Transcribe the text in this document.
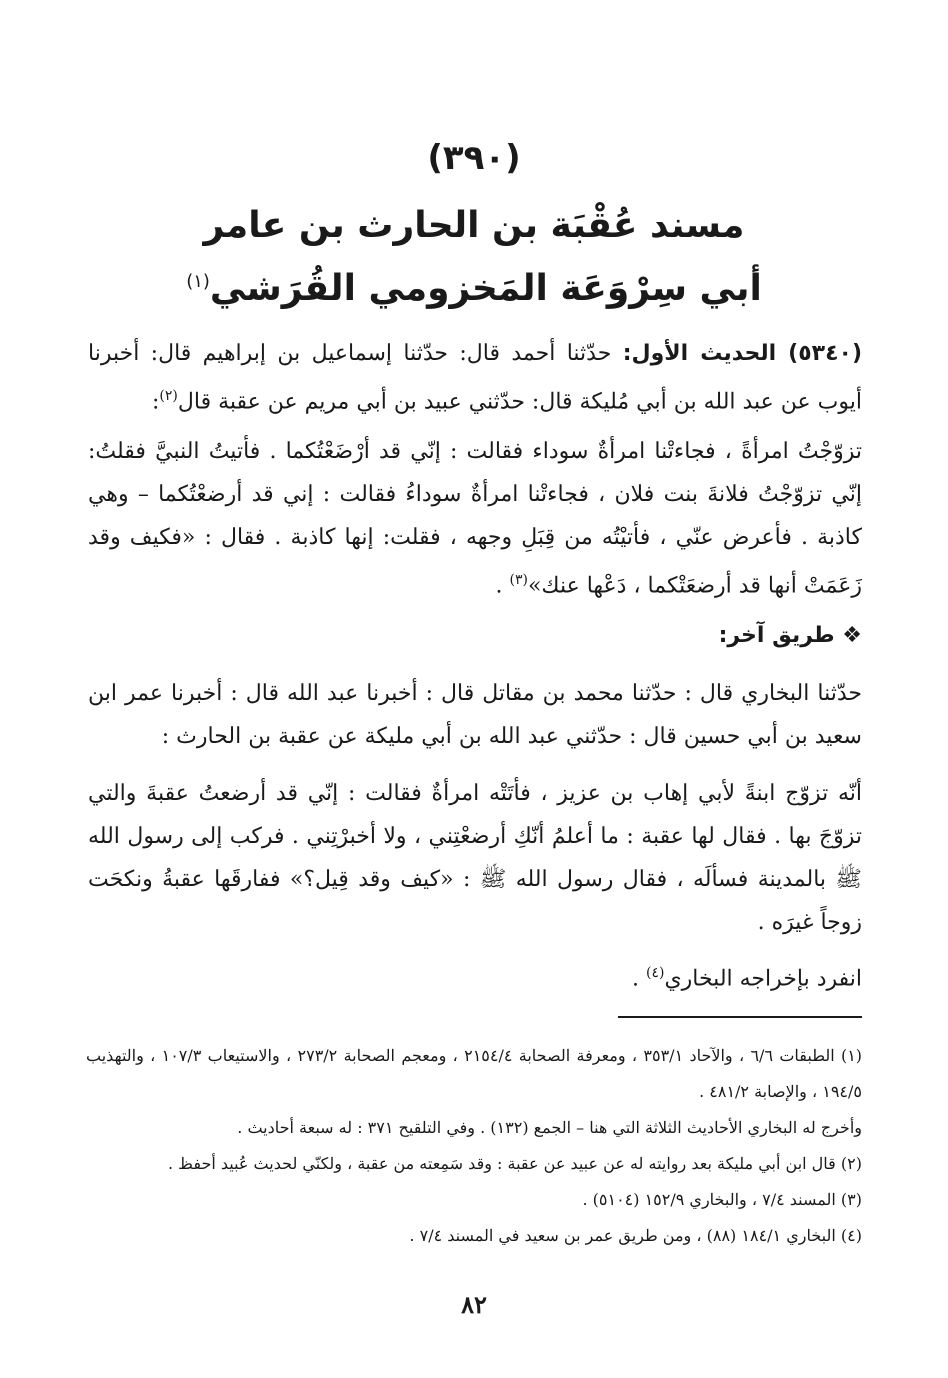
(٣٩٠)
مسند عُقْبَة بن الحارث بن عامر
أبي سِرْوَعَة المَخزومي القُرَشي$^{(١)}$
(٥٣٤٠) الحديث الأول: حدّثنا أحمد قال: حدّثنا إسماعيل بن إبراهيم قال: أخبرنا أيوب عن عبد الله بن أبي مُليكة قال: حدّثني عبيد بن أبي مريم عن عقبة قال$^{(٢)}$:
تزوّجْتُ امرأةً ، فجاءتْنا امرأةٌ سوداء فقالت : إنّي قد أرْضَعْتُكما . فأتيتُ النبيَّ فقلتُ: إنّي تزوّجْتُ فلانةَ بنت فلان ، فجاءتْنا امرأةٌ سوداءُ فقالت : إني قد أرضعْتُكما – وهي كاذبة . فأعرض عنّي ، فأتيْتُه من قِبَلِ وجهه ، فقلت: إنها كاذبة . فقال : «فكيف وقد زَعَمَتْ أنها قد أرضعَتْكما ، دَعْها عنك»$^{(٣)}$ .
❖ طريق آخر:
حدّثنا البخاري قال : حدّثنا محمد بن مقاتل قال : أخبرنا عبد الله قال : أخبرنا عمر ابن سعيد بن أبي حسين قال : حدّثني عبد الله بن أبي مليكة عن عقبة بن الحارث :
أنّه تزوّج ابنةً لأبي إهاب بن عزيز ، فأتَتْه امرأةٌ فقالت : إنّي قد أرضعتُ عقبةَ والتي تزوّجَ بها . فقال لها عقبة : ما أعلمُ أنّكِ أرضعْتِني ، ولا أخبرْتِني . فركب إلى رسول الله ﷺ بالمدينة فسألَه ، فقال رسول الله ﷺ : «كيف وقد قِيل؟» ففارقَها عقبةُ ونكحَت زوجاً غيرَه .
انفرد بإخراجه البخاري$^{(٤)}$ .

(١) الطبقات ٦/٦ ، والآحاد ٣٥٣/١ ، ومعرفة الصحابة ٢١٥٤/٤ ، ومعجم الصحابة ٢٧٣/٢ ، والاستيعاب ١٠٧/٣ ، والتهذيب ١٩٤/٥ ، والإصابة ٤٨١/٢ .

وأخرج له البخاري الأحاديث الثلاثة التي هنا – الجمع (١٣٢) . وفي التلقيح ٣٧١ : له سبعة أحاديث .

(٢) قال ابن أبي مليكة بعد روايته له عن عبيد عن عقبة : وقد سَمِعته من عقبة ، ولكنّي لحديث عُبيد أحفظ .

(٣) المسند ٧/٤ ، والبخاري ١٥٢/٩ (٥١٠٤) .

(٤) البخاري ١٨٤/١ (٨٨) ، ومن طريق عمر بن سعيد في المسند ٧/٤ .

٨٢
